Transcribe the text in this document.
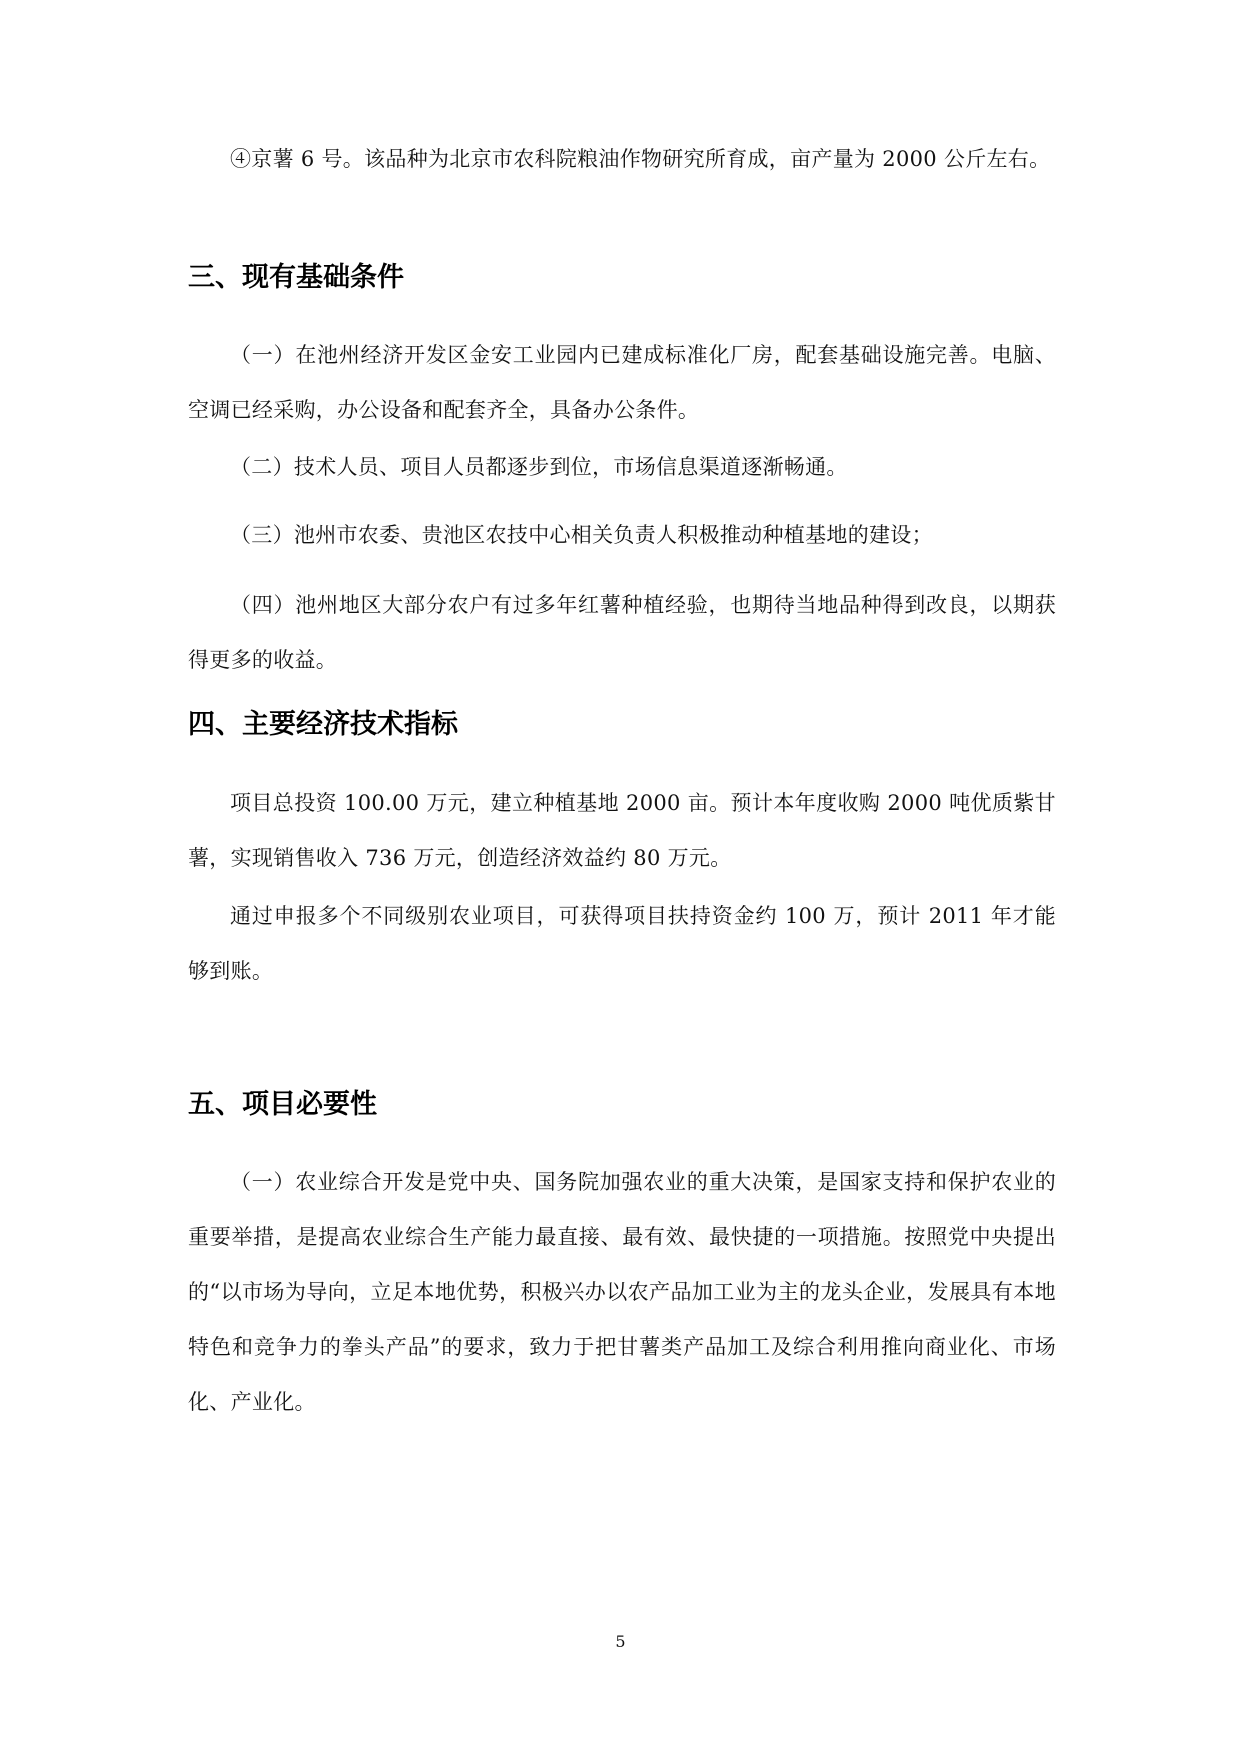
④京薯 6 号。该品种为北京市农科院粮油作物研究所育成，亩产量为 2000 公斤左右。

三、现有基础条件

（一）在池州经济开发区金安工业园内已建成标准化厂房，配套基础设施完善。电脑、空调已经采购，办公设备和配套齐全，具备办公条件。

（二）技术人员、项目人员都逐步到位，市场信息渠道逐渐畅通。

（三）池州市农委、贵池区农技中心相关负责人积极推动种植基地的建设；

（四）池州地区大部分农户有过多年红薯种植经验，也期待当地品种得到改良，以期获得更多的收益。

四、主要经济技术指标

项目总投资 100.00 万元，建立种植基地 2000 亩。预计本年度收购 2000 吨优质紫甘薯，实现销售收入 736 万元，创造经济效益约 80 万元。

通过申报多个不同级别农业项目，可获得项目扶持资金约 100 万，预计 2011 年才能够到账。

五、项目必要性

（一）农业综合开发是党中央、国务院加强农业的重大决策，是国家支持和保护农业的重要举措，是提高农业综合生产能力最直接、最有效、最快捷的一项措施。按照党中央提出的“以市场为导向，立足本地优势，积极兴办以农产品加工业为主的龙头企业，发展具有本地特色和竞争力的拳头产品”的要求，致力于把甘薯类产品加工及综合利用推向商业化、市场化、产业化。

5
